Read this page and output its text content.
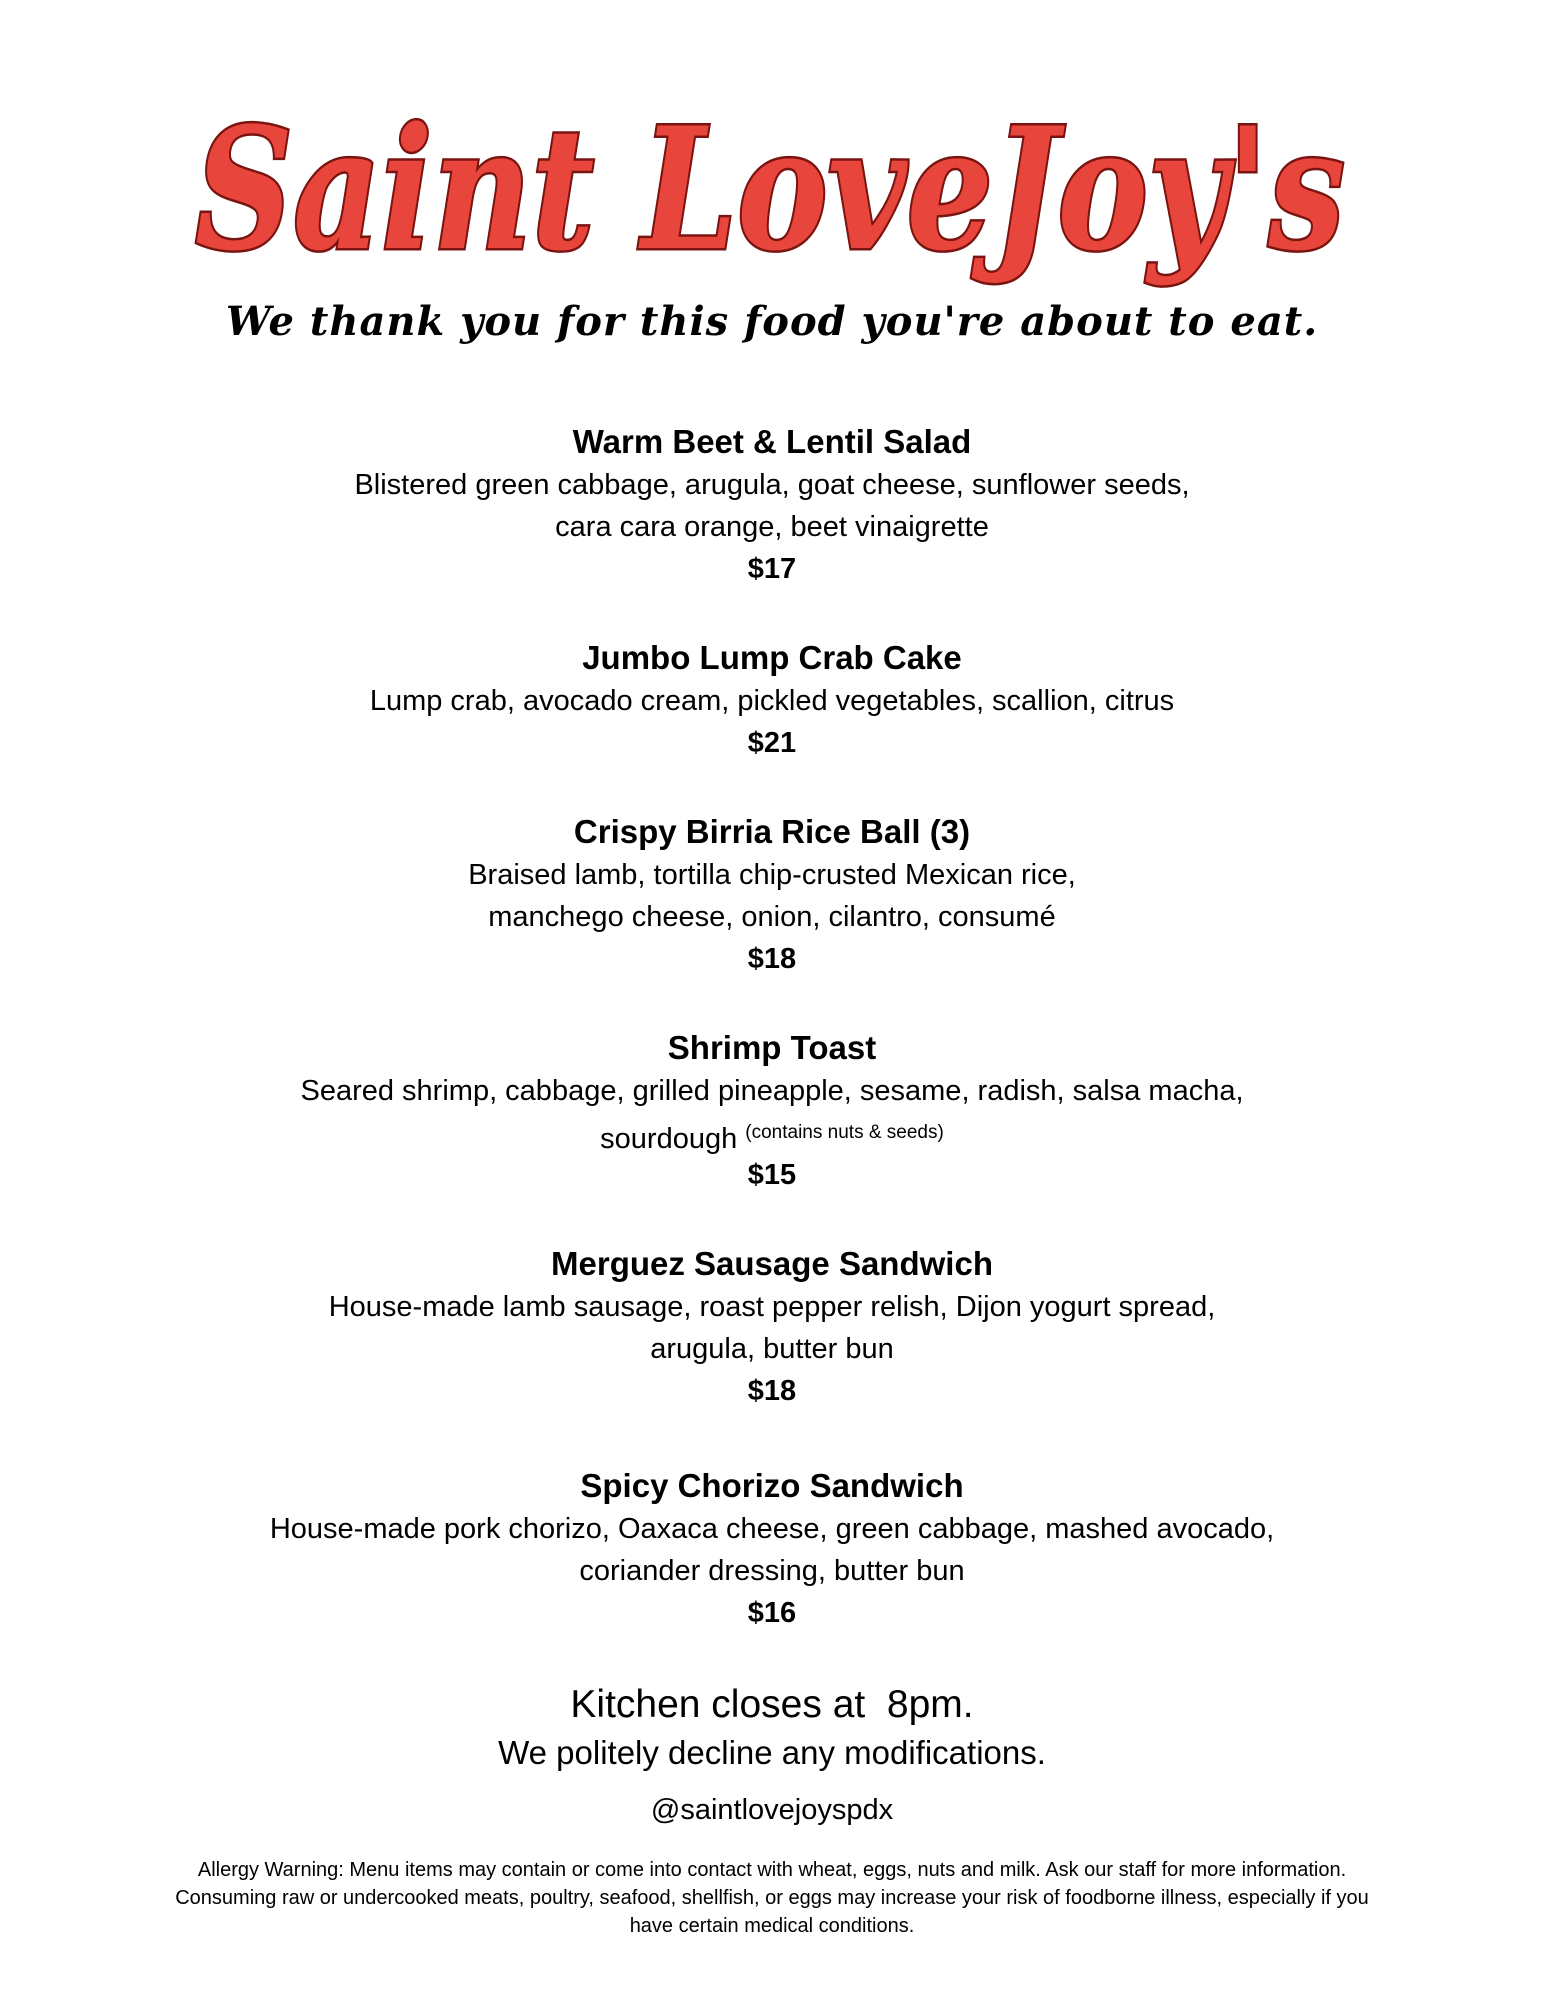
Saint LoveJoy's
We thank you for this food you're about to eat.
Warm Beet & Lentil Salad
Blistered green cabbage, arugula, goat cheese, sunflower seeds,
cara cara orange, beet vinaigrette
$17
Jumbo Lump Crab Cake
Lump crab, avocado cream, pickled vegetables, scallion, citrus
$21
Crispy Birria Rice Ball (3)
Braised lamb, tortilla chip-crusted Mexican rice,
manchego cheese, onion, cilantro, consumé
$18
Shrimp Toast
Seared shrimp, cabbage, grilled pineapple, sesame, radish, salsa macha,
sourdough $^{(contains nuts \& seeds)}$
$15
Merguez Sausage Sandwich
House-made lamb sausage, roast pepper relish, Dijon yogurt spread,
arugula, butter bun
$18
Spicy Chorizo Sandwich
House-made pork chorizo, Oaxaca cheese, green cabbage, mashed avocado,
coriander dressing, butter bun
$16
Kitchen closes at  8pm.
We politely decline any modifications.
@saintlovejoyspdx
Allergy Warning: Menu items may contain or come into contact with wheat, eggs, nuts and milk. Ask our staff for more information.
Consuming raw or undercooked meats, poultry, seafood, shellfish, or eggs may increase your risk of foodborne illness, especially if you
have certain medical conditions.
